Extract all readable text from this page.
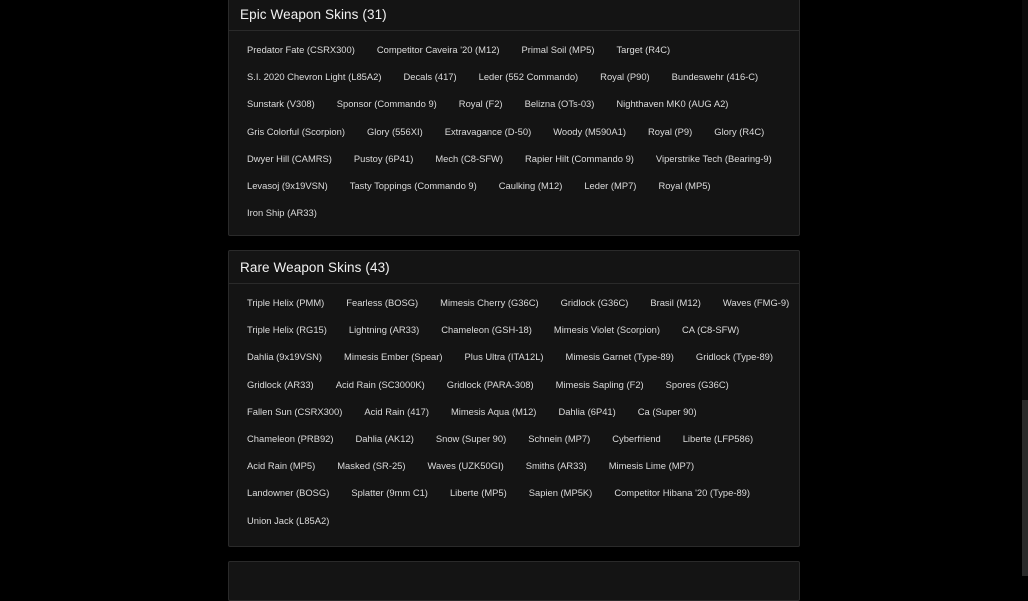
Epic Weapon Skins (31)
Predator Fate (CSRX300)	Competitor Caveira '20 (M12)	Primal Soil (MP5)	Target (R4C)
S.I. 2020 Chevron Light (L85A2)	Decals (417)	Leder (552 Commando)	Royal (P90)	Bundeswehr (416-C)
Sunstark (V308)	Sponsor (Commando 9)	Royal (F2)	Belizna (OTs-03)	Nighthaven MK0 (AUG A2)
Gris Colorful (Scorpion)	Glory (556XI)	Extravagance (D-50)	Woody (M590A1)	Royal (P9)	Glory (R4C)
Dwyer Hill (CAMRS)	Pustoy (6P41)	Mech (C8-SFW)	Rapier Hilt (Commando 9)	Viperstrike Tech (Bearing-9)
Levasoj (9x19VSN)	Tasty Toppings (Commando 9)	Caulking (M12)	Leder (MP7)	Royal (MP5)
Iron Ship (AR33)
Rare Weapon Skins (43)
Triple Helix (PMM)	Fearless (BOSG)	Mimesis Cherry (G36C)	Gridlock (G36C)	Brasil (M12)	Waves (FMG-9)
Triple Helix (RG15)	Lightning (AR33)	Chameleon (GSH-18)	Mimesis Violet (Scorpion)	CA (C8-SFW)
Dahlia (9x19VSN)	Mimesis Ember (Spear)	Plus Ultra (ITA12L)	Mimesis Garnet (Type-89)	Gridlock (Type-89)
Gridlock (AR33)	Acid Rain (SC3000K)	Gridlock (PARA-308)	Mimesis Sapling (F2)	Spores (G36C)
Fallen Sun (CSRX300)	Acid Rain (417)	Mimesis Aqua (M12)	Dahlia (6P41)	Ca (Super 90)
Chameleon (PRB92)	Dahlia (AK12)	Snow (Super 90)	Schnein (MP7)	Cyberfriend	Liberte (LFP586)
Acid Rain (MP5)	Masked (SR-25)	Waves (UZK50GI)	Smiths (AR33)	Mimesis Lime (MP7)
Landowner (BOSG)	Splatter (9mm C1)	Liberte (MP5)	Sapien (MP5K)	Competitor Hibana '20 (Type-89)
Union Jack (L85A2)
